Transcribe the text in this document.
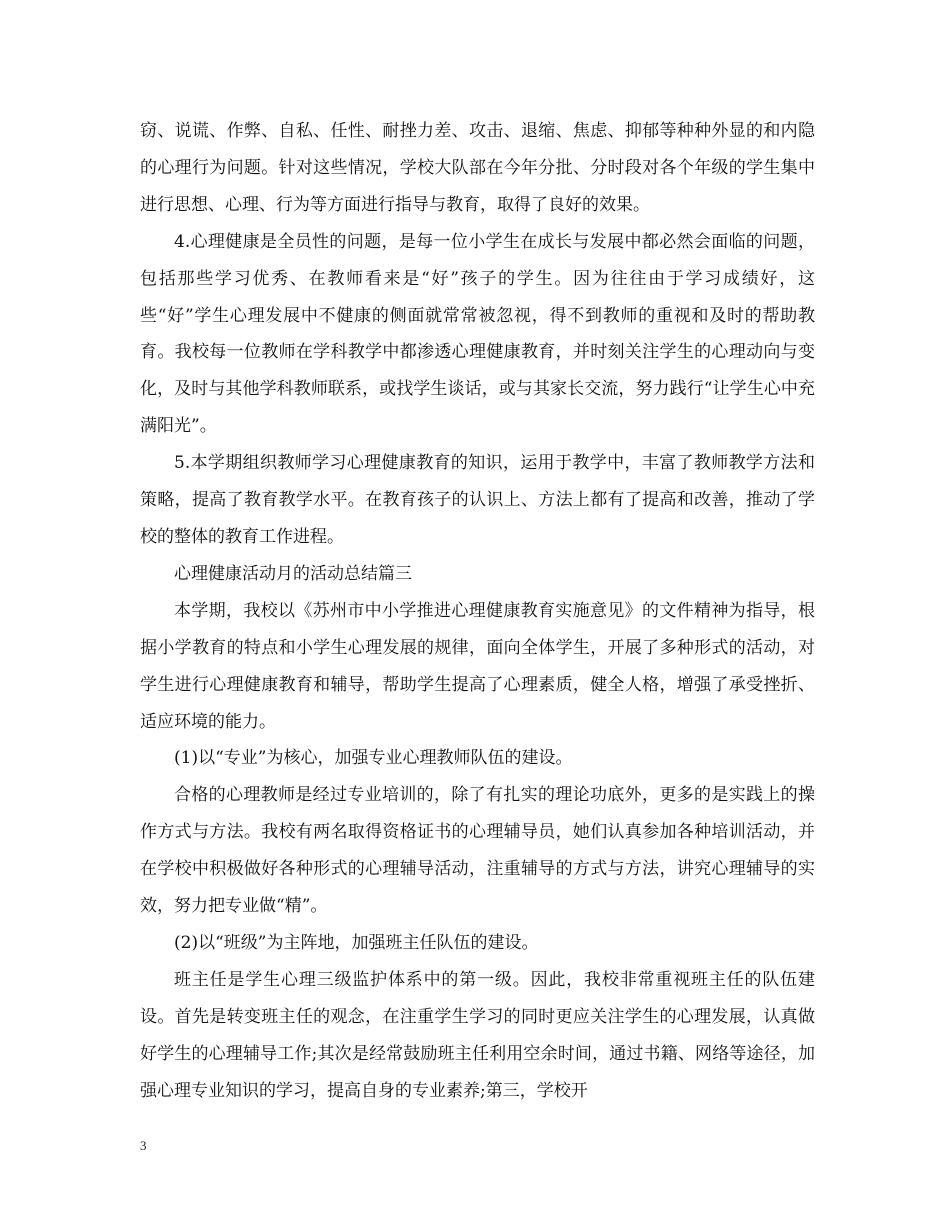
窃、说谎、作弊、自私、任性、耐挫力差、攻击、退缩、焦虑、抑郁等种种外显的和内隐的心理行为问题。针对这些情况，学校大队部在今年分批、分时段对各个年级的学生集中进行思想、心理、行为等方面进行指导与教育，取得了良好的效果。

4.心理健康是全员性的问题，是每一位小学生在成长与发展中都必然会面临的问题，包括那些学习优秀、在教师看来是“好”孩子的学生。因为往往由于学习成绩好，这些“好”学生心理发展中不健康的侧面就常常被忽视，得不到教师的重视和及时的帮助教育。我校每一位教师在学科教学中都渗透心理健康教育，并时刻关注学生的心理动向与变化，及时与其他学科教师联系，或找学生谈话，或与其家长交流，努力践行“让学生心中充满阳光”。

5.本学期组织教师学习心理健康教育的知识，运用于教学中，丰富了教师教学方法和策略，提高了教育教学水平。在教育孩子的认识上、方法上都有了提高和改善，推动了学校的整体的教育工作进程。

心理健康活动月的活动总结篇三

本学期，我校以《苏州市中小学推进心理健康教育实施意见》的文件精神为指导，根据小学教育的特点和小学生心理发展的规律，面向全体学生，开展了多种形式的活动，对学生进行心理健康教育和辅导，帮助学生提高了心理素质，健全人格，增强了承受挫折、适应环境的能力。

(1)以“专业”为核心，加强专业心理教师队伍的建设。

合格的心理教师是经过专业培训的，除了有扎实的理论功底外，更多的是实践上的操作方式与方法。我校有两名取得资格证书的心理辅导员，她们认真参加各种培训活动，并在学校中积极做好各种形式的心理辅导活动，注重辅导的方式与方法，讲究心理辅导的实效，努力把专业做“精”。

(2)以“班级”为主阵地，加强班主任队伍的建设。

班主任是学生心理三级监护体系中的第一级。因此，我校非常重视班主任的队伍建设。首先是转变班主任的观念，在注重学生学习的同时更应关注学生的心理发展，认真做好学生的心理辅导工作;其次是经常鼓励班主任利用空余时间，通过书籍、网络等途径，加强心理专业知识的学习，提高自身的专业素养;第三，学校开

3
